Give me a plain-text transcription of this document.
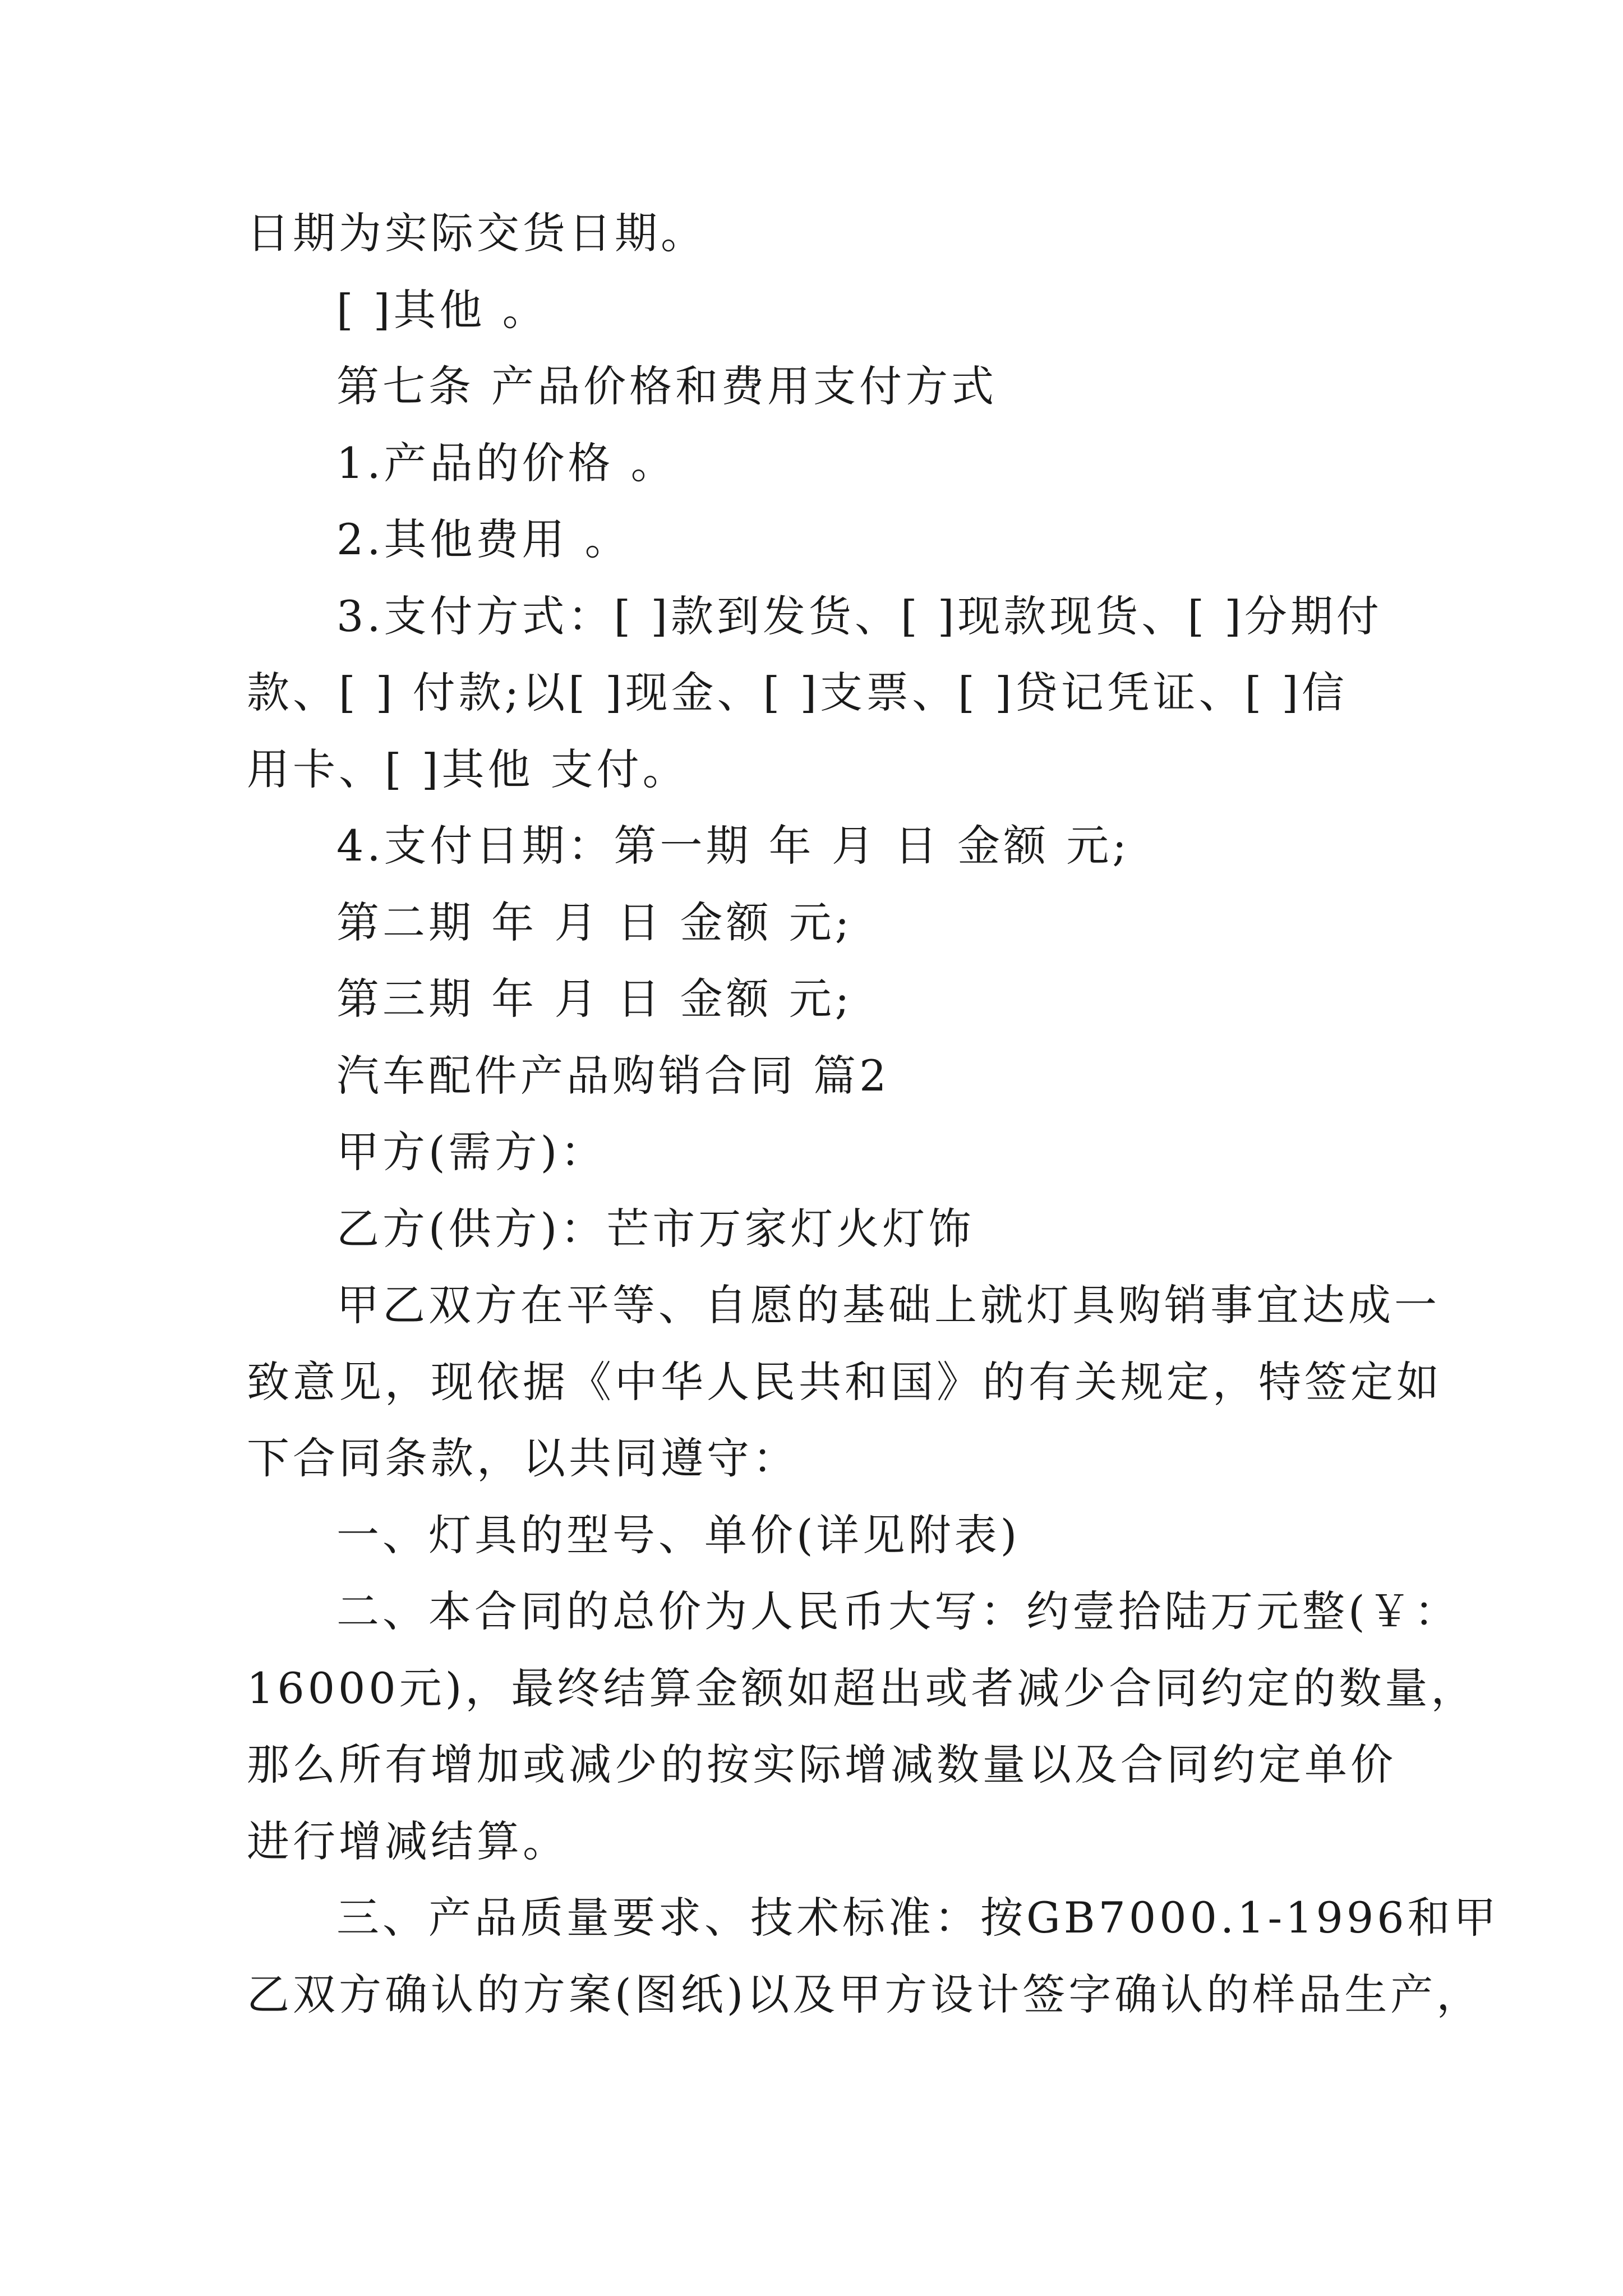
日期为实际交货日期。
[ ]其他 。
第七条 产品价格和费用支付方式
1.产品的价格 。
2.其他费用 。
3.支付方式：[ ]款到发货、[ ]现款现货、[ ]分期付
款、[ ] 付款;以[ ]现金、[ ]支票、[ ]贷记凭证、[ ]信
用卡、[ ]其他 支付。
4.支付日期：第一期 年 月 日 金额 元;
第二期 年 月 日 金额 元;
第三期 年 月 日 金额 元;
汽车配件产品购销合同 篇2
甲方(需方)：
乙方(供方)：芒市万家灯火灯饰
甲乙双方在平等、自愿的基础上就灯具购销事宜达成一
致意见，现依据《中华人民共和国》的有关规定，特签定如
下合同条款，以共同遵守：
一、灯具的型号、单价(详见附表)
二、本合同的总价为人民币大写：约壹拾陆万元整(￥：
16000元)，最终结算金额如超出或者减少合同约定的数量，
那么所有增加或减少的按实际增减数量以及合同约定单价
进行增减结算。
三、产品质量要求、技术标准：按GB7000.1-1996和甲
乙双方确认的方案(图纸)以及甲方设计签字确认的样品生产，
